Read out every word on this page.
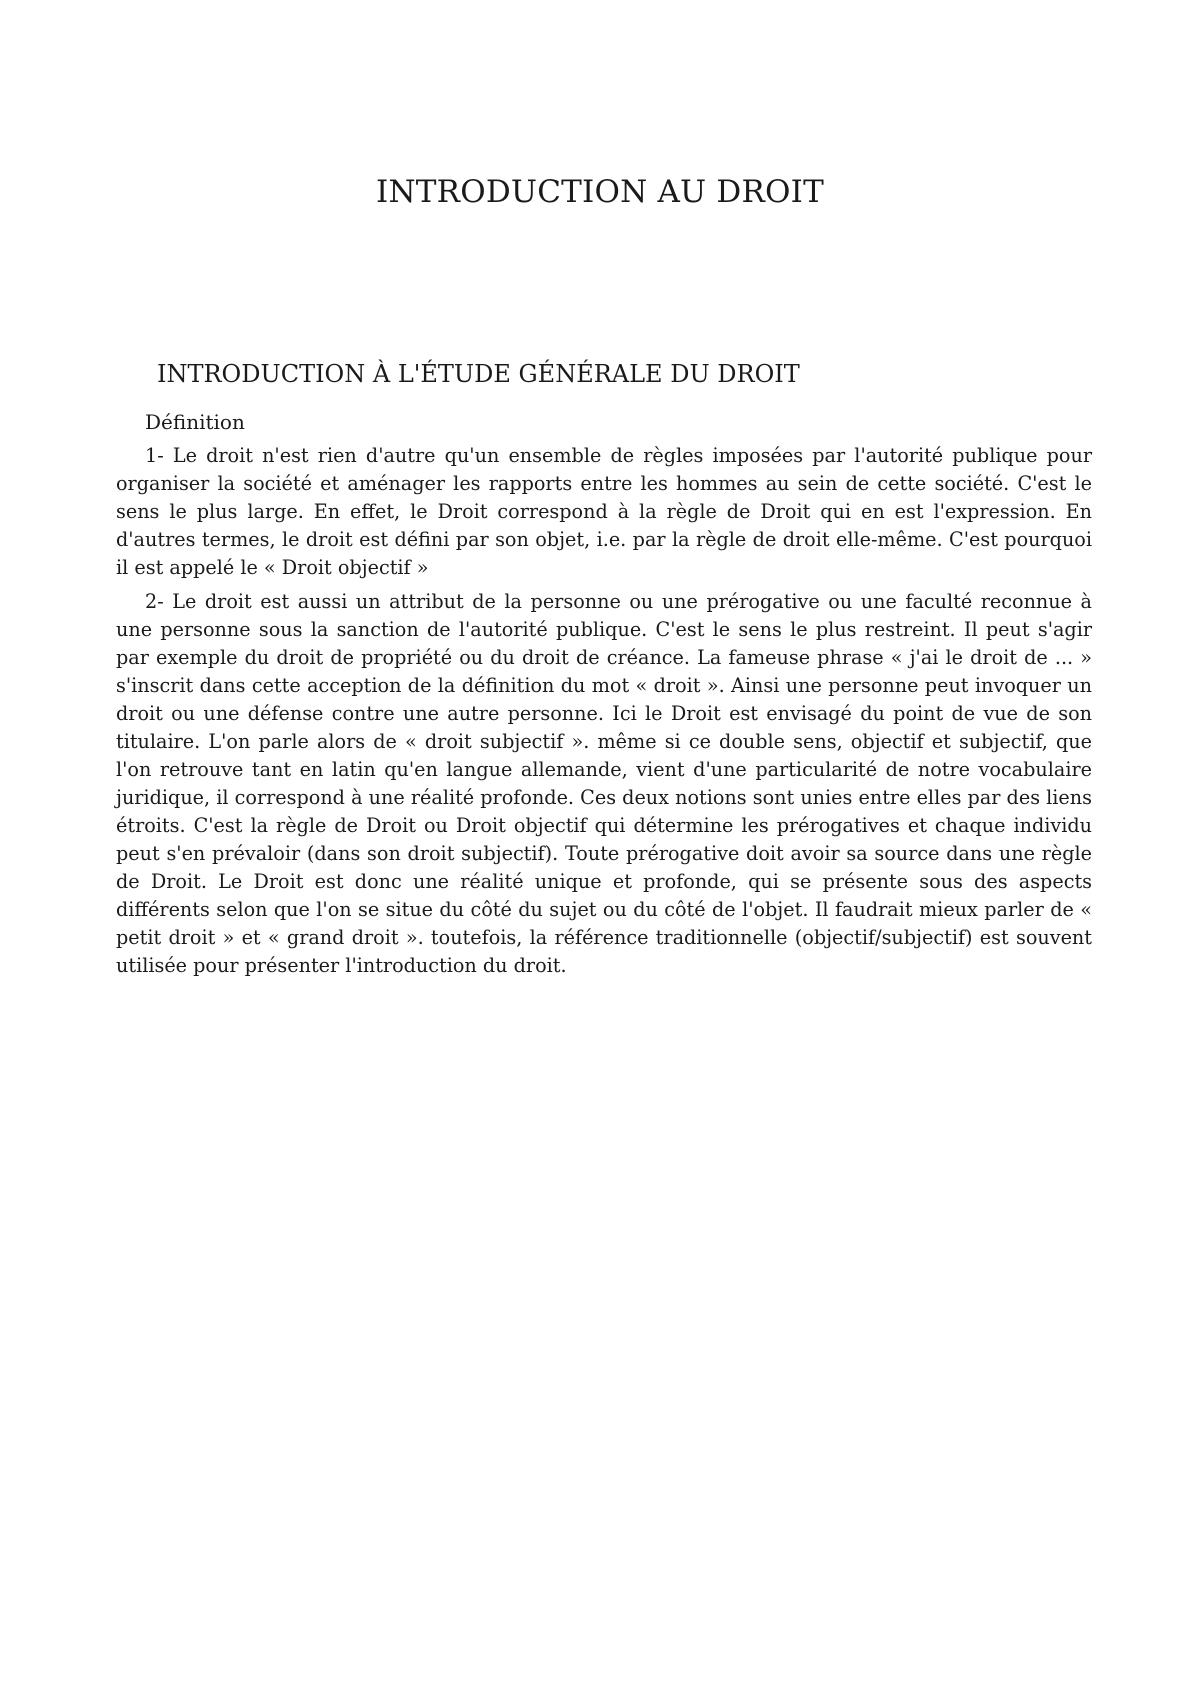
INTRODUCTION AU DROIT
INTRODUCTION À L'ÉTUDE GÉNÉRALE DU DROIT
Définition

1- Le droit n'est rien d'autre qu'un ensemble de règles imposées par l'autorité publique pour organiser la société et aménager les rapports entre les hommes au sein de cette société. C'est le sens le plus large. En effet, le Droit correspond à la règle de Droit qui en est l'expression. En d'autres termes, le droit est défini par son objet, i.e. par la règle de droit elle-même. C'est pourquoi il est appelé le « Droit objectif »

2- Le droit est aussi un attribut de la personne ou une prérogative ou une faculté reconnue à une personne sous la sanction de l'autorité publique. C'est le sens le plus restreint. Il peut s'agir par exemple du droit de propriété ou du droit de créance. La fameuse phrase « j'ai le droit de ... » s'inscrit dans cette acception de la définition du mot « droit ». Ainsi une personne peut invoquer un droit ou une défense contre une autre personne. Ici le Droit est envisagé du point de vue de son titulaire. L'on parle alors de « droit subjectif ». même si ce double sens, objectif et subjectif, que l'on retrouve tant en latin qu'en langue allemande, vient d'une particularité de notre vocabulaire juridique, il correspond à une réalité profonde. Ces deux notions sont unies entre elles par des liens étroits. C'est la règle de Droit ou Droit objectif qui détermine les prérogatives et chaque individu peut s'en prévaloir (dans son droit subjectif). Toute prérogative doit avoir sa source dans une règle de Droit. Le Droit est donc une réalité unique et profonde, qui se présente sous des aspects différents selon que l'on se situe du côté du sujet ou du côté de l'objet. Il faudrait mieux parler de « petit droit » et « grand droit ». toutefois, la référence traditionnelle (objectif/subjectif) est souvent utilisée pour présenter l'introduction du droit.
